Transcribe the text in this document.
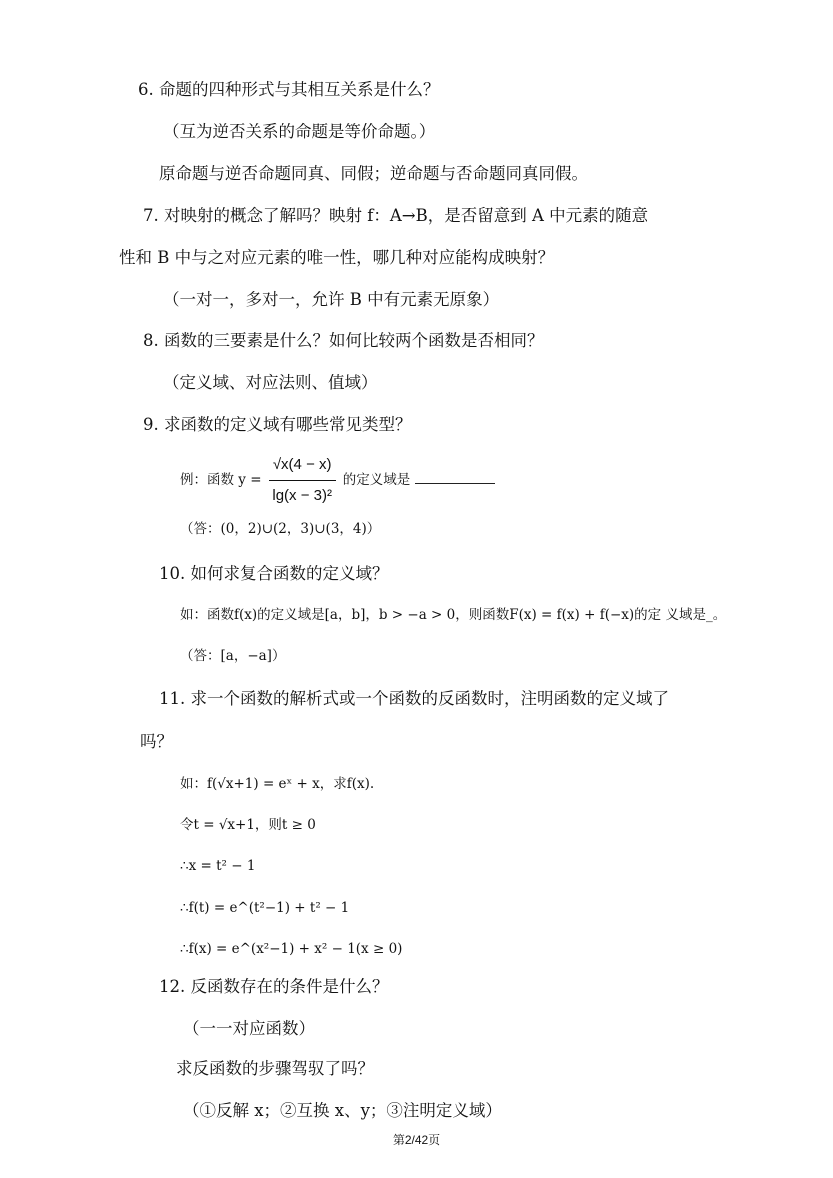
6. 命题的四种形式与其相互关系是什么？
（互为逆否关系的命题是等价命题。）
原命题与逆否命题同真、同假；逆命题与否命题同真同假。
7. 对映射的概念了解吗？映射 f：A→B，是否留意到 A 中元素的随意
性和 B 中与之对应元素的唯一性，哪几种对应能构成映射？
（一对一，多对一，允许 B 中有元素无原象）
8. 函数的三要素是什么？如何比较两个函数是否相同？
（定义域、对应法则、值域）
9. 求函数的定义域有哪些常见类型？
例：函数 $y = \frac{√x(4 - x)}{\text{lg(x − 3)²}}$ 的定义域是
（答：(0，2)∪(2，3)∪(3，4)）
10. 如何求复合函数的定义域？
如：函数f(x)的定义域是[a，b]，b > −a > 0，则函数F(x) = f(x) + f(−x)的定 义域是_。
（答：[a，−a]）
11. 求一个函数的解析式或一个函数的反函数时，注明函数的定义域了
吗？
如：f(√x+1) = eˣ + x，求f(x).
令t = √x+1，则t ≥ 0
∴x = t² − 1
∴f(t) = e^(t²−1) + t² − 1
∴f(x) = e^(x²−1) + x² − 1(x ≥ 0)
12. 反函数存在的条件是什么？
（一一对应函数）
求反函数的步骤驾驭了吗？
（①反解 x；②互换 x、y；③注明定义域）
第2/42页
